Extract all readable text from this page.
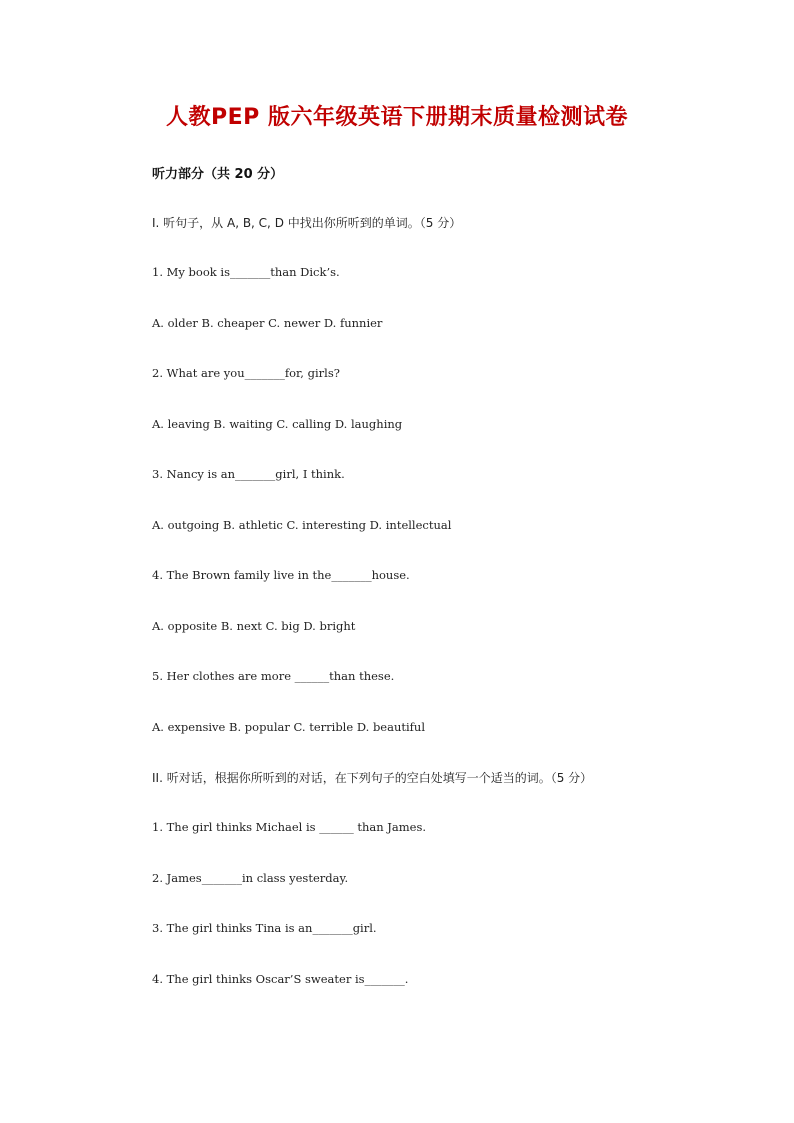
人教PEP 版六年级英语下册期末质量检测试卷
听力部分（共 20 分）
I. 听句子，从 A, B, C, D 中找出你所听到的单词。（5 分）
1. My book is_______than Dick’s.
A. older B. cheaper C. newer D. funnier
2. What are you_______for, girls?
A. leaving B. waiting C. calling D. laughing
3. Nancy is an_______girl, I think.
A. outgoing B. athletic C. interesting D. intellectual
4. The Brown family live in the_______house.
A. opposite B. next C. big D. bright
5. Her clothes are more ______than these.
A. expensive B. popular C. terrible D. beautiful
II. 听对话，根据你所听到的对话，在下列句子的空白处填写一个适当的词。（5 分）
1. The girl thinks Michael is ______ than James.
2. James_______in class yesterday.
3. The girl thinks Tina is an_______girl.
4. The girl thinks Oscar’S sweater is_______.
